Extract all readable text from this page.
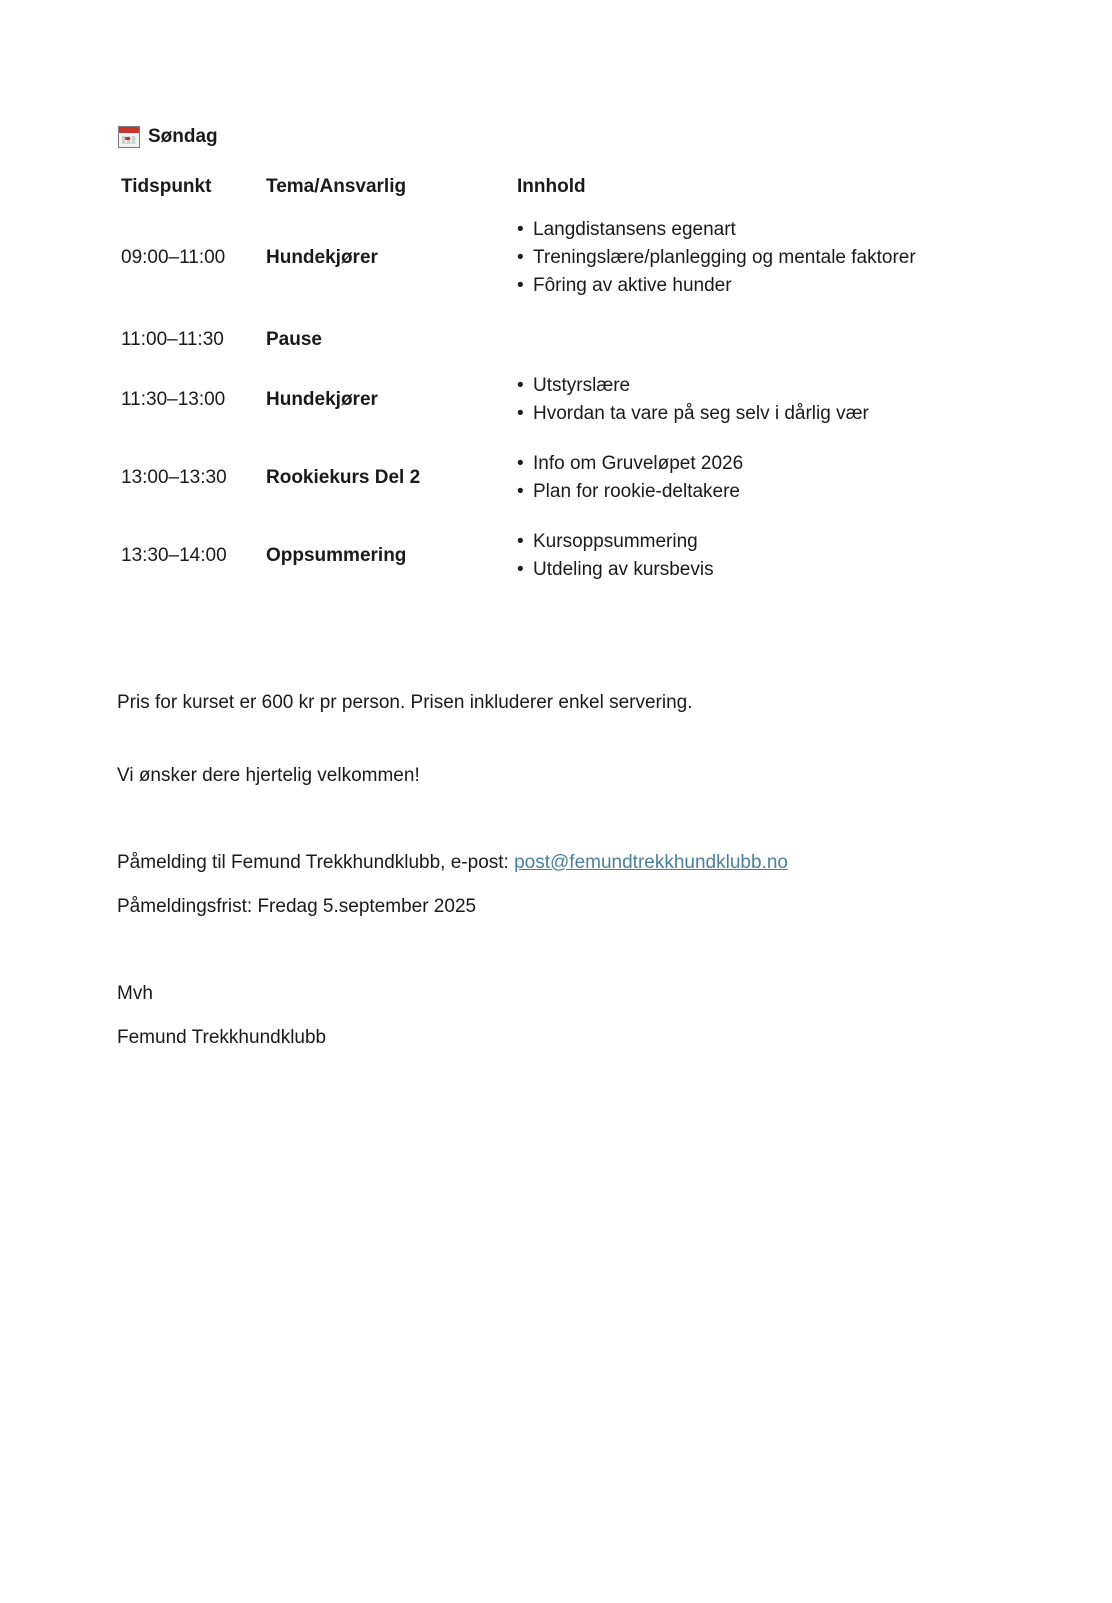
Søndag
Tidspunkt	Tema/Ansvarlig	Innhold
09:00–11:00 Hundekjører
• Langdistansens egenart
• Treningslære/planlegging og mentale faktorer
• Fôring av aktive hunder
11:00–11:30 Pause
11:30–13:00 Hundekjører
• Utstyrslære
• Hvordan ta vare på seg selv i dårlig vær
13:00–13:30 Rookiekurs Del 2
• Info om Gruveløpet 2026
• Plan for rookie-deltakere
13:30–14:00 Oppsummering
• Kursoppsummering
• Utdeling av kursbevis

Pris for kurset er 600 kr pr person. Prisen inkluderer enkel servering.

Vi ønsker dere hjertelig velkommen!

Påmelding til Femund Trekkhundklubb, e-post: post@femundtrekkhundklubb.no

Påmeldingsfrist: Fredag 5.september 2025

Mvh

Femund Trekkhundklubb
